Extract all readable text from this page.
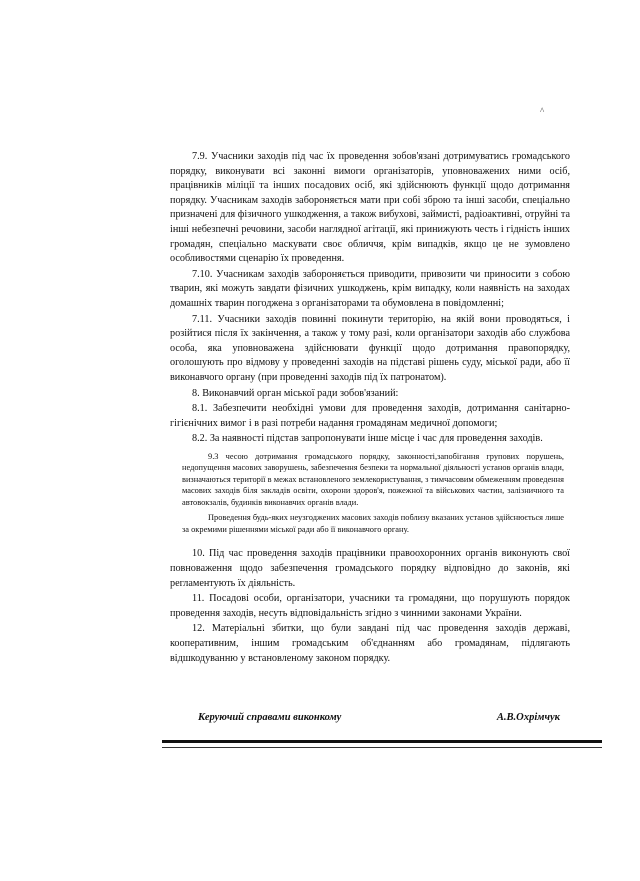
^

7.9. Учасники заходів під час їх проведення зобов'язані дотримуватись громадського порядку, виконувати всі законні вимоги організаторів, уповноважених ними осіб, працівників міліції та інших посадових осіб, які здійснюють функції щодо дотримання порядку. Учасникам заходів забороняється мати при собі зброю та інші засоби, спеціально призначені для фізичного ушкодження, а також вибухові, займисті, радіоактивні, отруйні та інші небезпечні речовини, засоби наглядної агітації, які принижують честь і гідність інших громадян, спеціально маскувати своє обличчя, крім випадків, якщо це не зумовлено особливостями сценарію їх проведення.

7.10. Учасникам заходів забороняється приводити, привозити чи приносити з собою тварин, які можуть завдати фізичних ушкоджень, крім випадку, коли наявність на заходах домашніх тварин погоджена з організаторами та обумовлена в повідомленні;

7.11. Учасники заходів повинні покинути територію, на якій вони проводяться, і розійтися після їх закінчення, а також у тому разі, коли організатори заходів або службова особа, яка уповноважена здійснювати функції щодо дотримання правопорядку, оголошують про відмову у проведенні заходів на підставі рішень суду, міської ради, або її виконавчого органу (при проведенні заходів під їх патронатом).

8. Виконавчий орган міської ради зобов'язаний:

8.1. Забезпечити необхідні умови для проведення заходів, дотримання санітарно-гігієнічних вимог і в разі потреби надання громадянам медичної допомоги;

8.2. За наявності підстав запропонувати інше місце і час для проведення заходів.

9.3 чесою дотримання громадського порядку, законності,запобігання групових порушень, недопущення масових заворушень, забезпечення безпеки та нормальної діяльності установ органів влади, визначаються території в межах встановленого землекористування, з тимчасовим обмеженням проведення масових заходів біля закладів освіти, охорони здоров'я, пожежної та військових частин, залізничного та автовокзалів, будинків виконавчих органів влади.

Проведення будь-яких неузгоджених масових заходів поблизу вказаних установ здійснюється лише за окремими рішеннями міської ради або її виконавчого органу.

10. Під час проведення заходів працівники правоохоронних органів виконують свої повноваження щодо забезпечення громадського порядку відповідно до законів, які регламентують їх діяльність.

11. Посадові особи, організатори, учасники та громадяни, що порушують порядок проведення заходів, несуть відповідальність згідно з чинними законами України.

12. Матеріальні збитки, що були завдані під час проведення заходів державі, кооперативним, іншим громадським об'єднанням або громадянам, підлягають відшкодуванню у встановленому законом порядку.

Керуючий справами виконкому	А.В.Охрімчук
